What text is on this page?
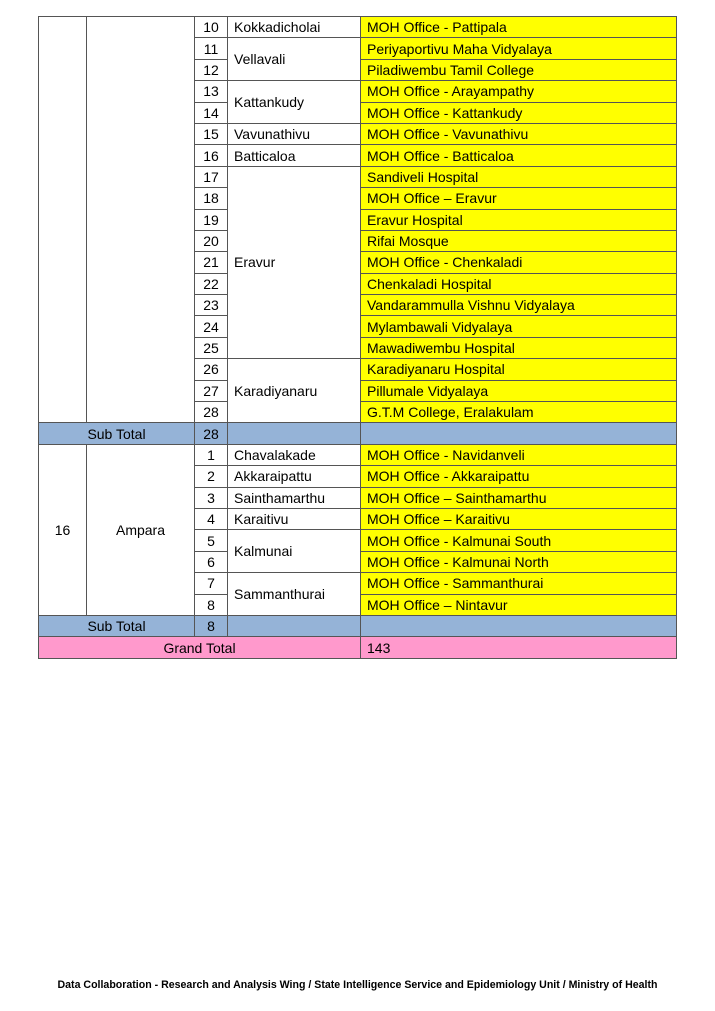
		10	Kokkadicholai	MOH Office - Pattipala
		11	Vellavali	Periyaportivu Maha Vidyalaya
		12		Piladiwembu Tamil College
		13	Kattankudy	MOH Office - Arayampathy
		14		MOH Office - Kattankudy
		15	Vavunathivu	MOH Office - Vavunathivu
		16	Batticaloa	MOH Office - Batticaloa
		17	Eravur	Sandiveli Hospital
		18		MOH Office – Eravur
		19		Eravur Hospital
		20		Rifai Mosque
		21		MOH Office - Chenkaladi
		22		Chenkaladi Hospital
		23		Vandarammulla Vishnu Vidyalaya
		24		Mylambawali Vidyalaya
		25		Mawadiwembu Hospital
		26	Karadiyanaru	Karadiyanaru Hospital
		27		Pillumale Vidyalaya
		28		G.T.M College, Eralakulam
Sub Total		28		
16	Ampara	1	Chavalakade	MOH Office - Navidanveli
		2	Akkaraipattu	MOH Office - Akkaraipattu
		3	Sainthamarthu	MOH Office – Sainthamarthu
		4	Karaitivu	MOH Office – Karaitivu
		5	Kalmunai	MOH Office - Kalmunai South
		6		MOH Office - Kalmunai North
		7	Sammanthurai	MOH Office - Sammanthurai
		8		MOH Office – Nintavur
Sub Total		8		
Grand Total				143
Data Collaboration - Research and Analysis Wing / State Intelligence Service and Epidemiology Unit / Ministry of Health
